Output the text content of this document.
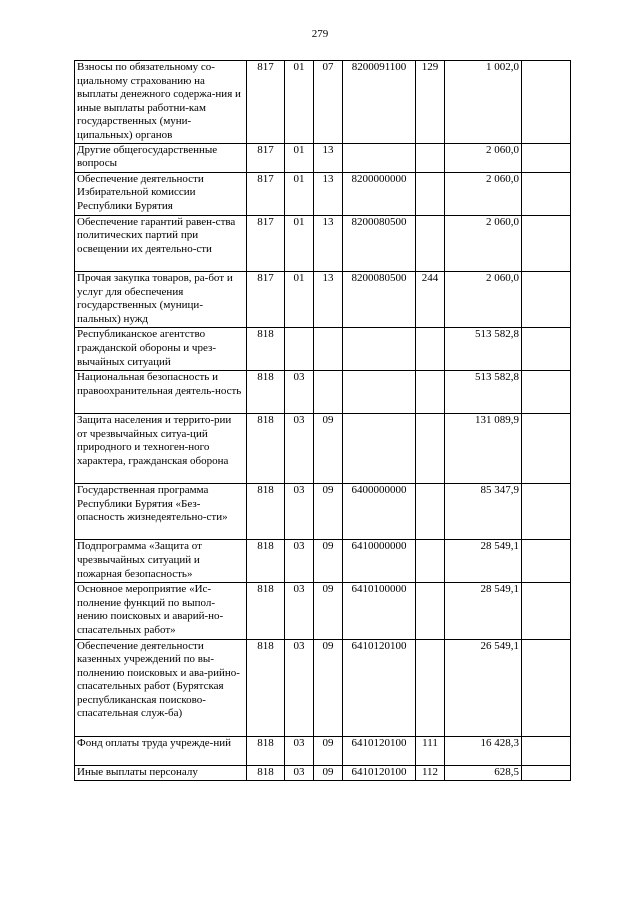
279
Взносы по обязательному со-циальному страхованию на выплаты денежного содержа-ния и иные выплаты работни-кам государственных (муни-ципальных) органов	817	01	07	8200091100	129	1 002,0	
Другие общегосударственные вопросы	817	01	13			2 060,0	
Обеспечение деятельности Избирательной комиссии Республики Бурятия	817	01	13	8200000000		2 060,0	
Обеспечение гарантий равен-ства политических партий при освещении их деятельно-сти	817	01	13	8200080500		2 060,0	
Прочая закупка товаров, ра-бот и услуг для обеспечения государственных (муници-пальных) нужд	817	01	13	8200080500	244	2 060,0	
Республиканское агентство гражданской обороны и чрез-вычайных ситуаций	818					513 582,8	
Национальная безопасность и правоохранительная деятель-ность	818	03				513 582,8	
Защита населения и террито-рии от чрезвычайных ситуа-ций природного и техноген-ного характера, гражданская оборона	818	03	09			131 089,9	
Государственная программа Республики Бурятия «Без-опасность жизнедеятельно-сти»	818	03	09	6400000000		85 347,9	
Подпрограмма «Защита от чрезвычайных ситуаций и пожарная безопасность»	818	03	09	6410000000		28 549,1	
Основное мероприятие «Ис-полнение функций по выпол-нению поисковых и аварий-но-спасательных работ»	818	03	09	6410100000		28 549,1	
Обеспечение деятельности казенных учреждений по вы-полнению поисковых и ава-рийно-спасательных работ (Бурятская республиканская поисково-спасательная служ-ба)	818	03	09	6410120100		26 549,1	
Фонд оплаты труда учрежде-ний	818	03	09	6410120100	111	16 428,3	
Иные выплаты персоналу	818	03	09	6410120100	112	628,5	
